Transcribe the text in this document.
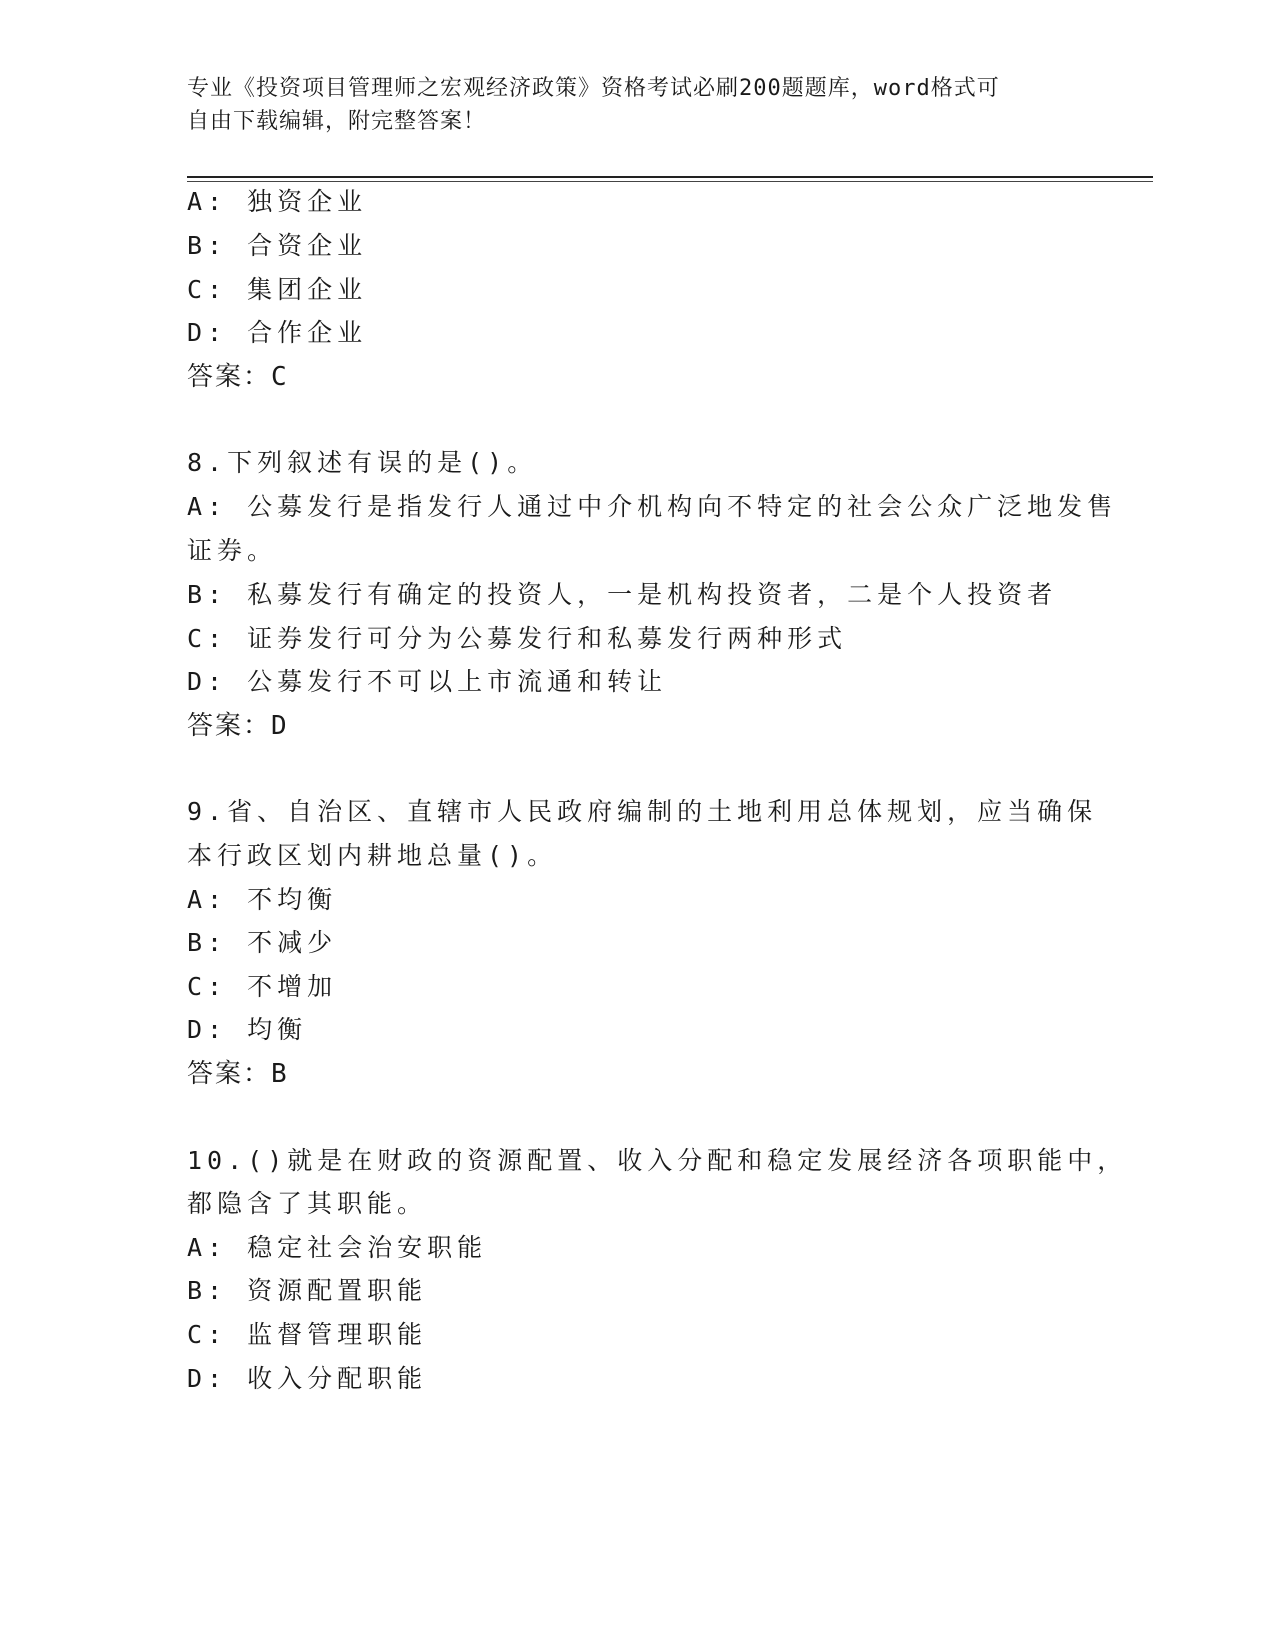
专业《投资项目管理师之宏观经济政策》资格考试必刷200题题库，word格式可
自由下载编辑，附完整答案！
A: 独资企业
B: 合资企业
C: 集团企业
D: 合作企业
答案：C
8.下列叙述有误的是()。
A: 公募发行是指发行人通过中介机构向不特定的社会公众广泛地发售
证券。
B: 私募发行有确定的投资人，一是机构投资者，二是个人投资者
C: 证券发行可分为公募发行和私募发行两种形式
D: 公募发行不可以上市流通和转让
答案：D
9.省、自治区、直辖市人民政府编制的土地利用总体规划，应当确保
本行政区划内耕地总量()。
A: 不均衡
B: 不减少
C: 不增加
D: 均衡
答案：B
10.()就是在财政的资源配置、收入分配和稳定发展经济各项职能中，
都隐含了其职能。
A: 稳定社会治安职能
B: 资源配置职能
C: 监督管理职能
D: 收入分配职能
